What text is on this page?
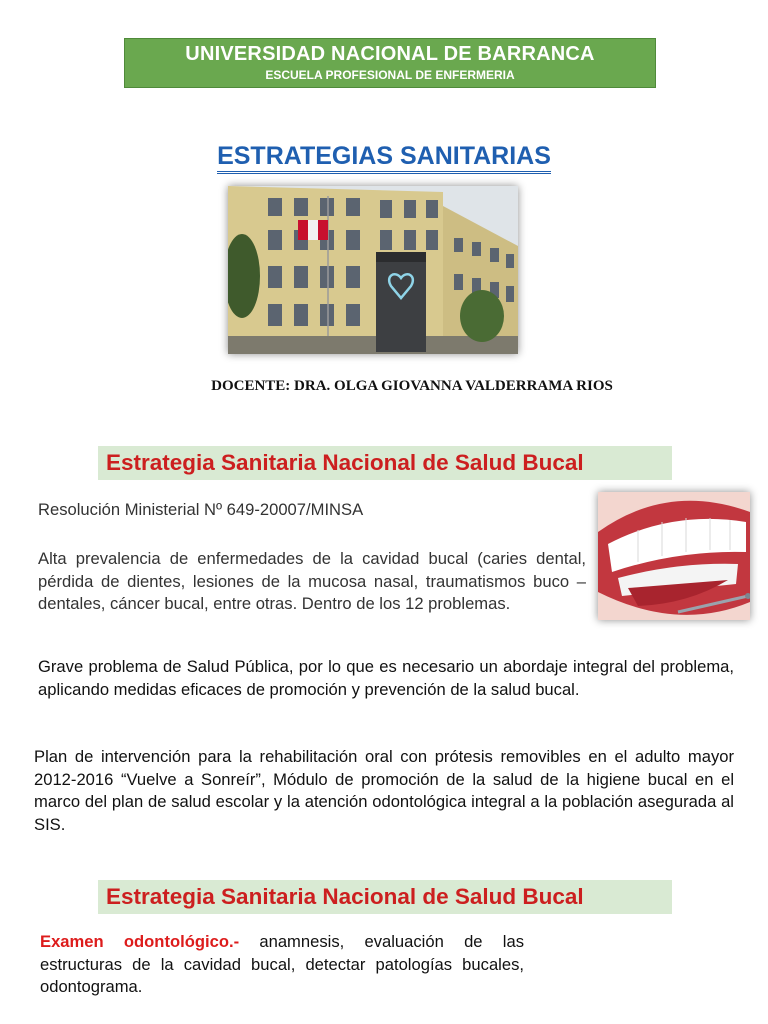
UNIVERSIDAD NACIONAL DE BARRANCA
ESCUELA PROFESIONAL DE ENFERMERIA
ESTRATEGIAS SANITARIAS
DOCENTE: DRA. OLGA GIOVANNA VALDERRAMA RIOS
Estrategia Sanitaria Nacional de Salud Bucal
Resolución Ministerial Nº 649-20007/MINSA
Alta prevalencia de enfermedades de la cavidad bucal (caries dental, pérdida de dientes, lesiones de la mucosa nasal, traumatismos buco – dentales, cáncer bucal, entre otras. Dentro de los 12 problemas.
Grave problema de Salud Pública, por lo que es necesario un abordaje integral del problema, aplicando medidas eficaces de promoción y prevención de la salud bucal.
Plan de intervención para la rehabilitación oral con prótesis removibles en el adulto mayor 2012-2016 “Vuelve a Sonreír”, Módulo de promoción de la salud de la higiene bucal en el marco del plan de salud escolar y la atención odontológica integral a la población asegurada al SIS.
Estrategia Sanitaria Nacional de Salud Bucal
Examen odontológico.- anamnesis, evaluación de las estructuras de la cavidad bucal, detectar patologías bucales, odontograma.
